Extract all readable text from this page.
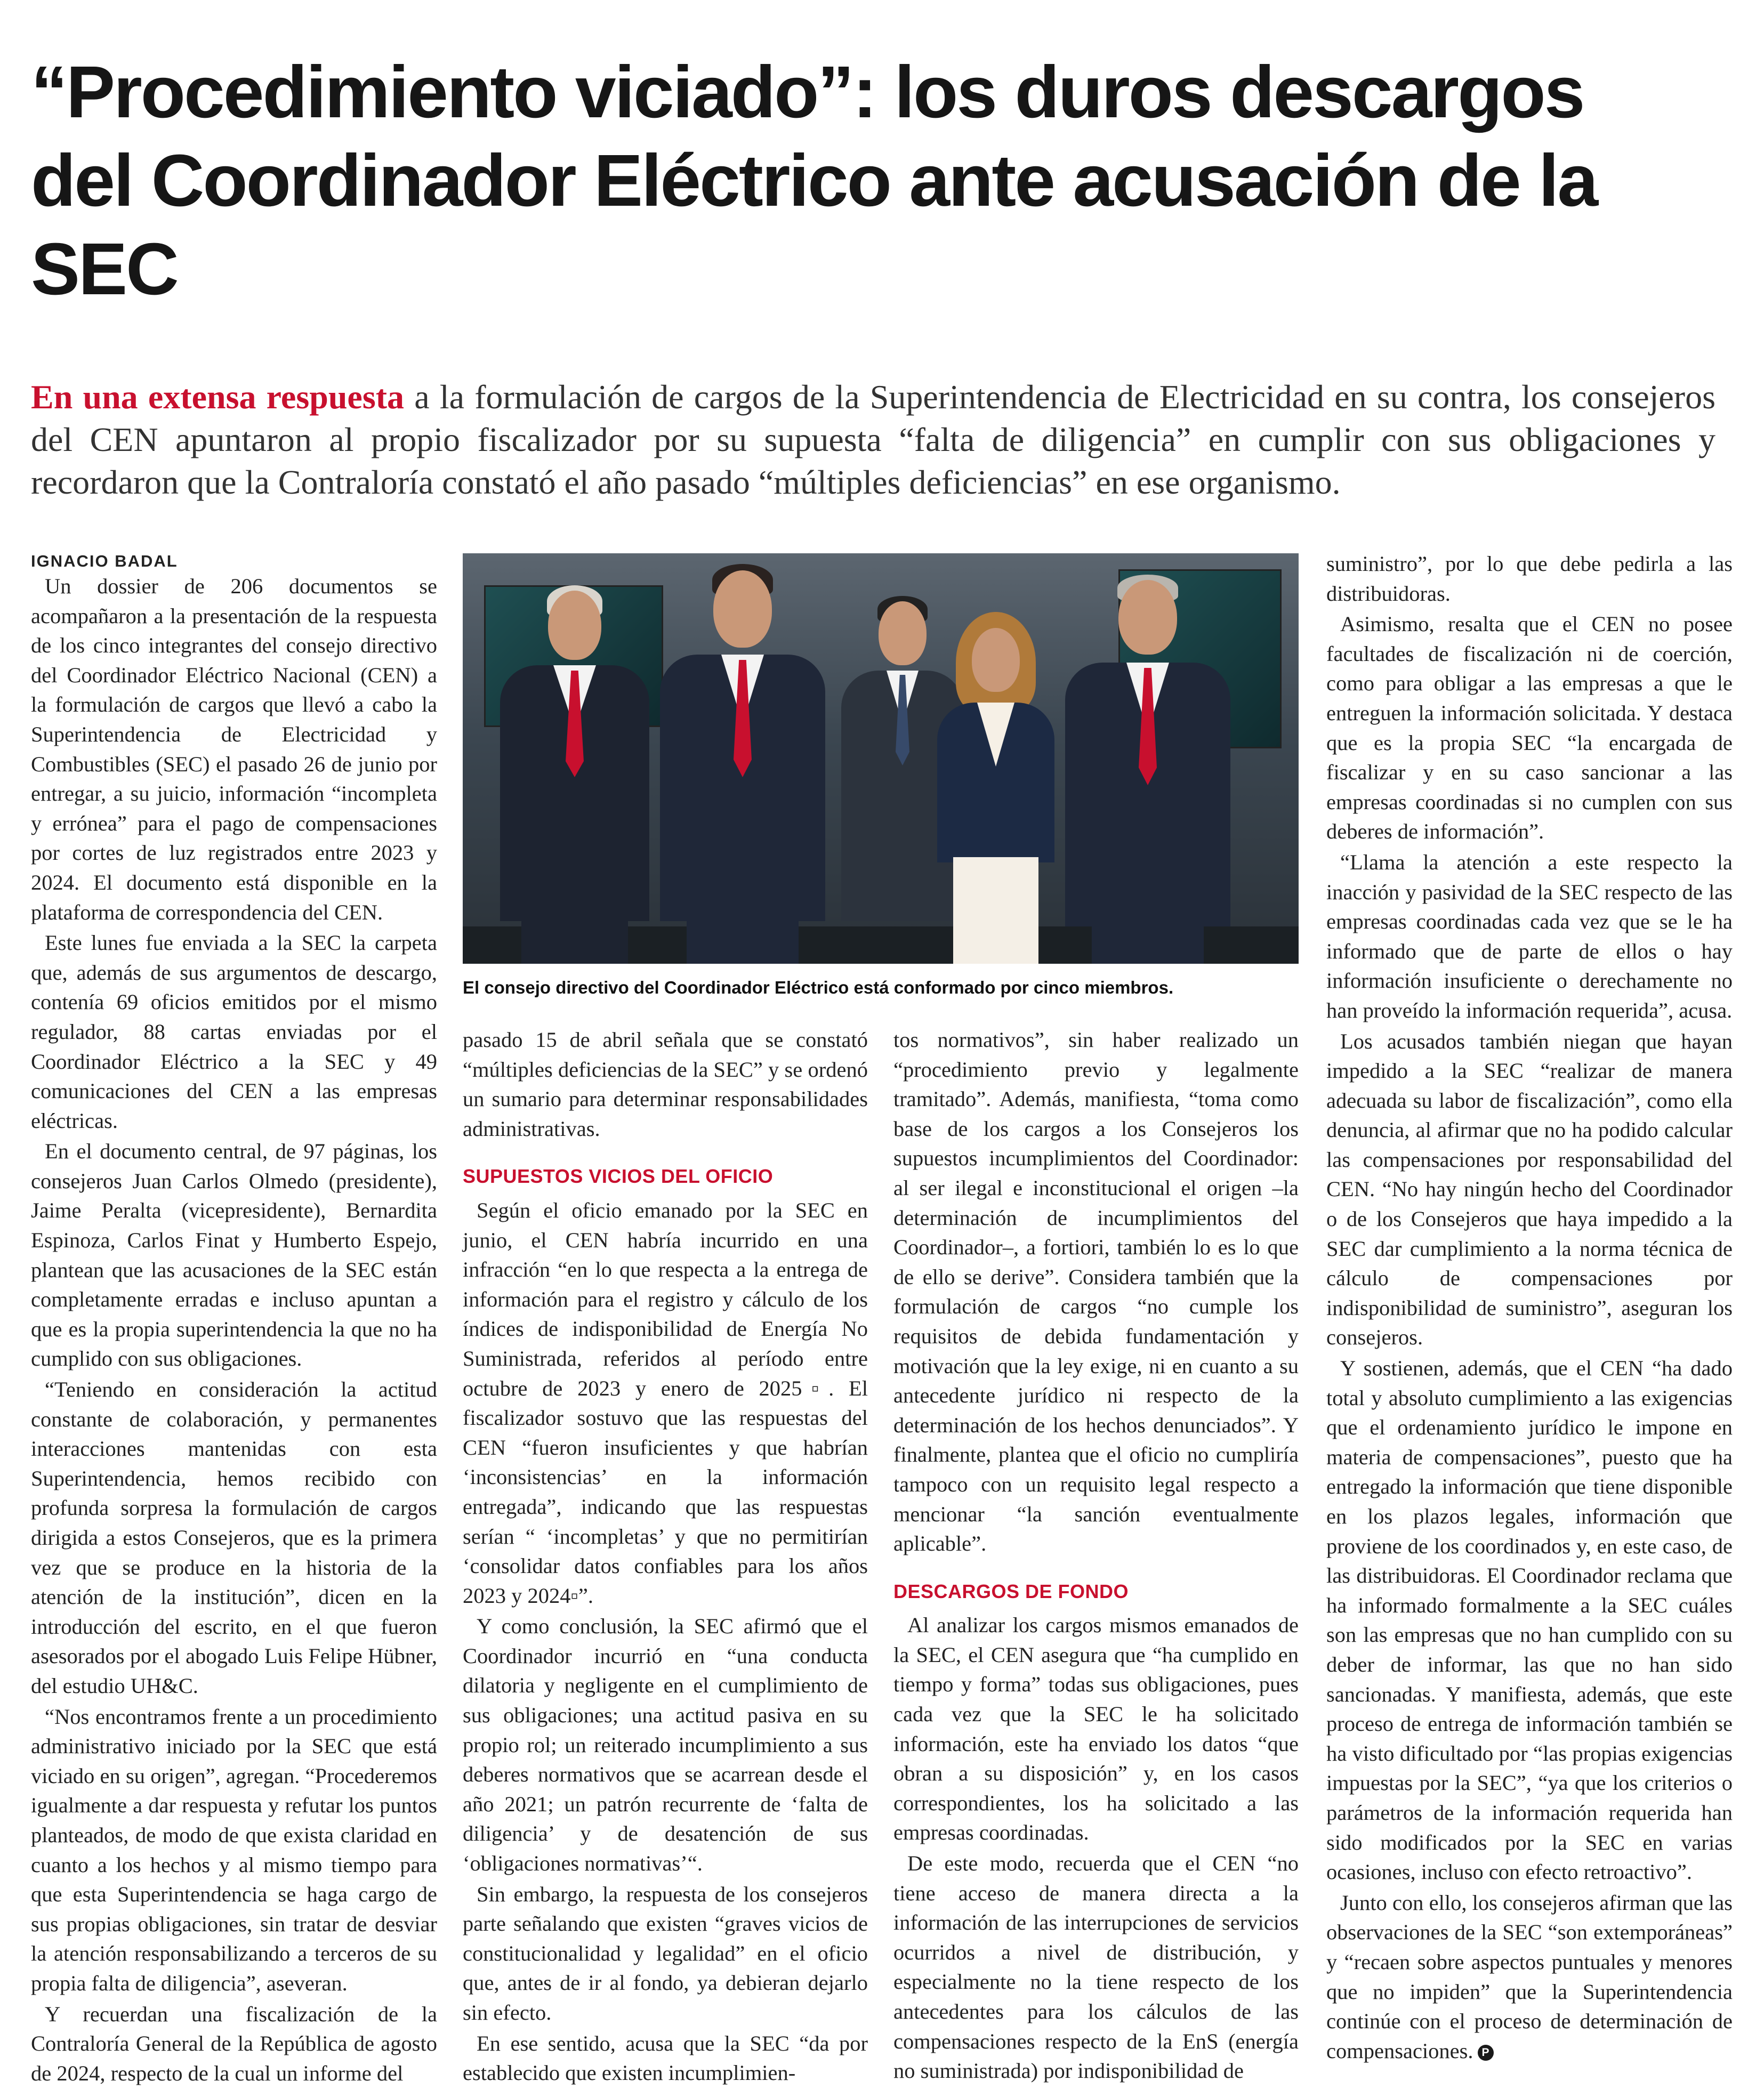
“Procedimiento viciado”: los duros descargos del Coordinador Eléctrico ante acusación de la SEC

En una extensa respuesta a la formulación de cargos de la Superintendencia de Electricidad en su contra, los consejeros del CEN apuntaron al propio fiscalizador por su supuesta “falta de diligencia” en cumplir con sus obligaciones y recordaron que la Contraloría constató el año pasado “múltiples deficiencias” en ese organismo.

IGNACIO BADAL

Un dossier de 206 documentos se acompañaron a la presentación de la respuesta de los cinco integrantes del consejo directivo del Coordinador Eléctrico Nacional (CEN) a la formulación de cargos que llevó a cabo la Superintendencia de Electricidad y Combustibles (SEC) el pasado 26 de junio por entregar, a su juicio, información “incompleta y errónea” para el pago de compensaciones por cortes de luz registrados entre 2023 y 2024. El documento está disponible en la plataforma de correspondencia del CEN.

Este lunes fue enviada a la SEC la carpeta que, además de sus argumentos de descargo, contenía 69 oficios emitidos por el mismo regulador, 88 cartas enviadas por el Coordinador Eléctrico a la SEC y 49 comunicaciones del CEN a las empresas eléctricas.

En el documento central, de 97 páginas, los consejeros Juan Carlos Olmedo (presidente), Jaime Peralta (vicepresidente), Bernardita Espinoza, Carlos Finat y Humberto Espejo, plantean que las acusaciones de la SEC están completamente erradas e incluso apuntan a que es la propia superintendencia la que no ha cumplido con sus obligaciones.

“Teniendo en consideración la actitud constante de colaboración, y permanentes interacciones mantenidas con esta Superintendencia, hemos recibido con profunda sorpresa la formulación de cargos dirigida a estos Consejeros, que es la primera vez que se produce en la historia de la atención de la institución”, dicen en la introducción del escrito, en el que fueron asesorados por el abogado Luis Felipe Hübner, del estudio UH&C.

“Nos encontramos frente a un procedimiento administrativo iniciado por la SEC que está viciado en su origen”, agregan. “Procederemos igualmente a dar respuesta y refutar los puntos planteados, de modo de que exista claridad en cuanto a los hechos y al mismo tiempo para que esta Superintendencia se haga cargo de sus propias obligaciones, sin tratar de desviar la atención responsabilizando a terceros de su propia falta de diligencia”, aseveran.

Y recuerdan una fiscalización de la Contraloría General de la República de agosto de 2024, respecto de la cual un informe del

El consejo directivo del Coordinador Eléctrico está conformado por cinco miembros.

pasado 15 de abril señala que se constató “múltiples deficiencias de la SEC” y se ordenó un sumario para determinar responsabilidades administrativas.

SUPUESTOS VICIOS DEL OFICIO

Según el oficio emanado por la SEC en junio, el CEN habría incurrido en una infracción “en lo que respecta a la entrega de información para el registro y cálculo de los índices de indisponibilidad de Energía No Suministrada, referidos al período entre octubre de 2023 y enero de 2025▫. El fiscalizador sostuvo que las respuestas del CEN “fueron insuficientes y que habrían ‘inconsistencias’ en la información entregada”, indicando que las respuestas serían “ ‘incompletas’ y que no permitirían ‘consolidar datos confiables para los años 2023 y 2024▫”.

Y como conclusión, la SEC afirmó que el Coordinador incurrió en “una conducta dilatoria y negligente en el cumplimiento de sus obligaciones; una actitud pasiva en su propio rol; un reiterado incumplimiento a sus deberes normativos que se acarrean desde el año 2021; un patrón recurrente de ‘falta de diligencia’ y de desatención de sus ‘obligaciones normativas’“.

Sin embargo, la respuesta de los consejeros parte señalando que existen “graves vicios de constitucionalidad y legalidad” en el oficio que, antes de ir al fondo, ya debieran dejarlo sin efecto.

En ese sentido, acusa que la SEC “da por establecido que existen incumplimien-

tos normativos”, sin haber realizado un “procedimiento previo y legalmente tramitado”. Además, manifiesta, “toma como base de los cargos a los Consejeros los supuestos incumplimientos del Coordinador: al ser ilegal e inconstitucional el origen –la determinación de incumplimientos del Coordinador–, a fortiori, también lo es lo que de ello se derive”. Considera también que la formulación de cargos “no cumple los requisitos de debida fundamentación y motivación que la ley exige, ni en cuanto a su antecedente jurídico ni respecto de la determinación de los hechos denunciados”. Y finalmente, plantea que el oficio no cumpliría tampoco con un requisito legal respecto a mencionar “la sanción eventualmente aplicable”.

DESCARGOS DE FONDO

Al analizar los cargos mismos emanados de la SEC, el CEN asegura que “ha cumplido en tiempo y forma” todas sus obligaciones, pues cada vez que la SEC le ha solicitado información, este ha enviado los datos “que obran a su disposición” y, en los casos correspondientes, los ha solicitado a las empresas coordinadas.

De este modo, recuerda que el CEN “no tiene acceso de manera directa a la información de las interrupciones de servicios ocurridos a nivel de distribución, y especialmente no la tiene respecto de los antecedentes para los cálculos de las compensaciones respecto de la EnS (energía no suministrada) por indisponibilidad de

suministro”, por lo que debe pedirla a las distribuidoras.

Asimismo, resalta que el CEN no posee facultades de fiscalización ni de coerción, como para obligar a las empresas a que le entreguen la información solicitada. Y destaca que es la propia SEC “la encargada de fiscalizar y en su caso sancionar a las empresas coordinadas si no cumplen con sus deberes de información”.

“Llama la atención a este respecto la inacción y pasividad de la SEC respecto de las empresas coordinadas cada vez que se le ha informado que de parte de ellos o hay información insuficiente o derechamente no han proveído la información requerida”, acusa.

Los acusados también niegan que hayan impedido a la SEC “realizar de manera adecuada su labor de fiscalización”, como ella denuncia, al afirmar que no ha podido calcular las compensaciones por responsabilidad del CEN. “No hay ningún hecho del Coordinador o de los Consejeros que haya impedido a la SEC dar cumplimiento a la norma técnica de cálculo de compensaciones por indisponibilidad de suministro”, aseguran los consejeros.

Y sostienen, además, que el CEN “ha dado total y absoluto cumplimiento a las exigencias que el ordenamiento jurídico le impone en materia de compensaciones”, puesto que ha entregado la información que tiene disponible en los plazos legales, información que proviene de los coordinados y, en este caso, de las distribuidoras. El Coordinador reclama que ha informado formalmente a la SEC cuáles son las empresas que no han cumplido con su deber de informar, las que no han sido sancionadas. Y manifiesta, además, que este proceso de entrega de información también se ha visto dificultado por “las propias exigencias impuestas por la SEC”, “ya que los criterios o parámetros de la información requerida han sido modificados por la SEC en varias ocasiones, incluso con efecto retroactivo”.

Junto con ello, los consejeros afirman que las observaciones de la SEC “son extemporáneas” y “recaen sobre aspectos puntuales y menores que no impiden” que la Superintendencia continúe con el proceso de determinación de compensaciones. P
